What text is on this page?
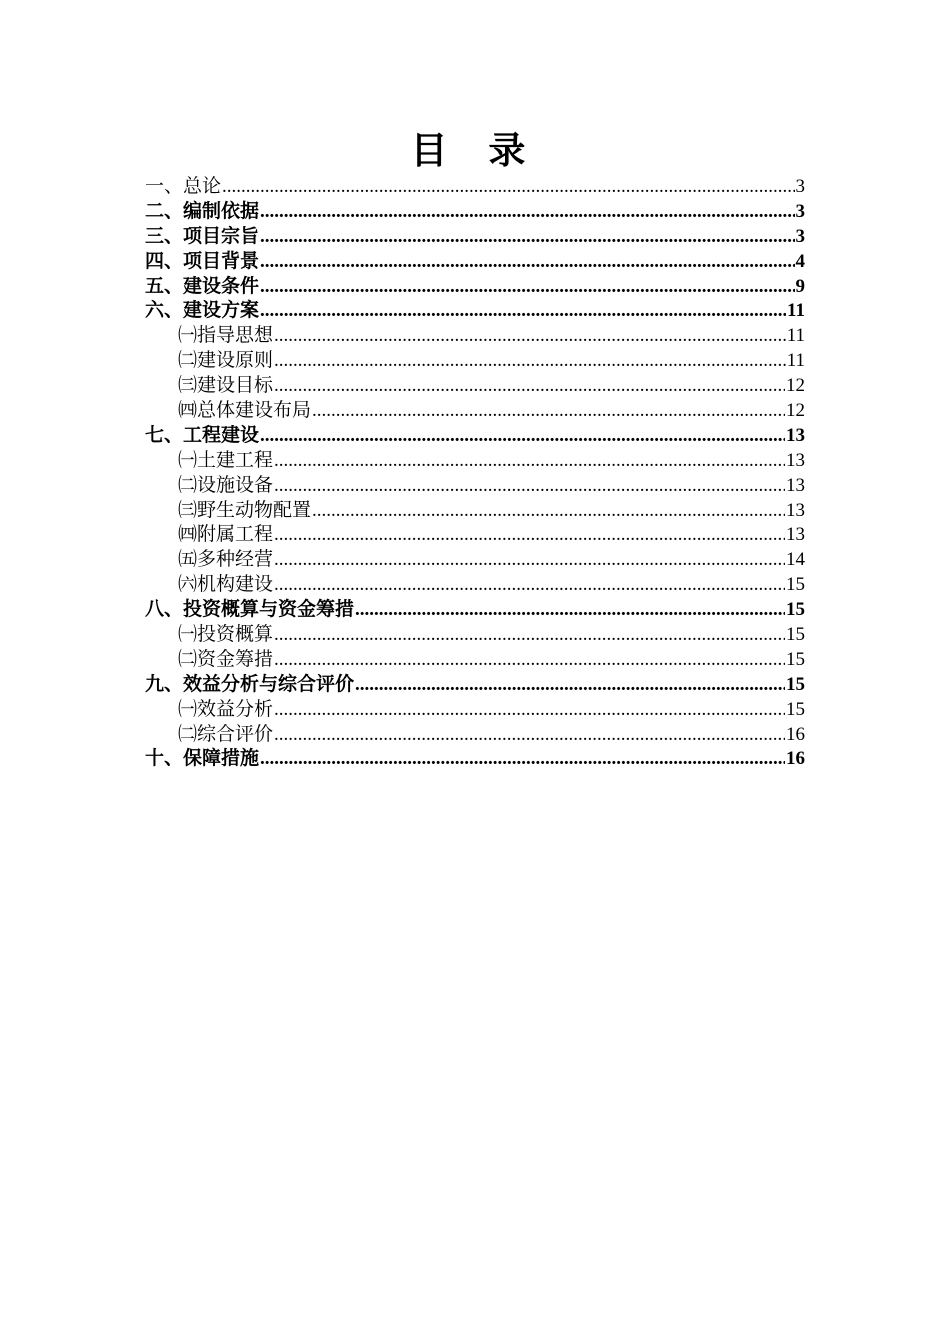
目 录
一、总论 .....	3
二、编制依据 .....	3
三、项目宗旨 .....	3
四、项目背景 .....	4
五、建设条件 .....	9
六、建设方案 .....	11
㈠指导思想 .....	11
㈡建设原则 .....	11
㈢建设目标 .....	12
㈣总体建设布局 .....	12
七、工程建设 .....	13
㈠土建工程 .....	13
㈡设施设备 .....	13
㈢野生动物配置 .....	13
㈣附属工程 .....	13
㈤多种经营 .....	14
㈥机构建设 .....	15
八、投资概算与资金筹措 .....	15
㈠投资概算 .....	15
㈡资金筹措 .....	15
九、效益分析与综合评价 .....	15
㈠效益分析 .....	15
㈡综合评价 .....	16
十、保障措施 .....	16
